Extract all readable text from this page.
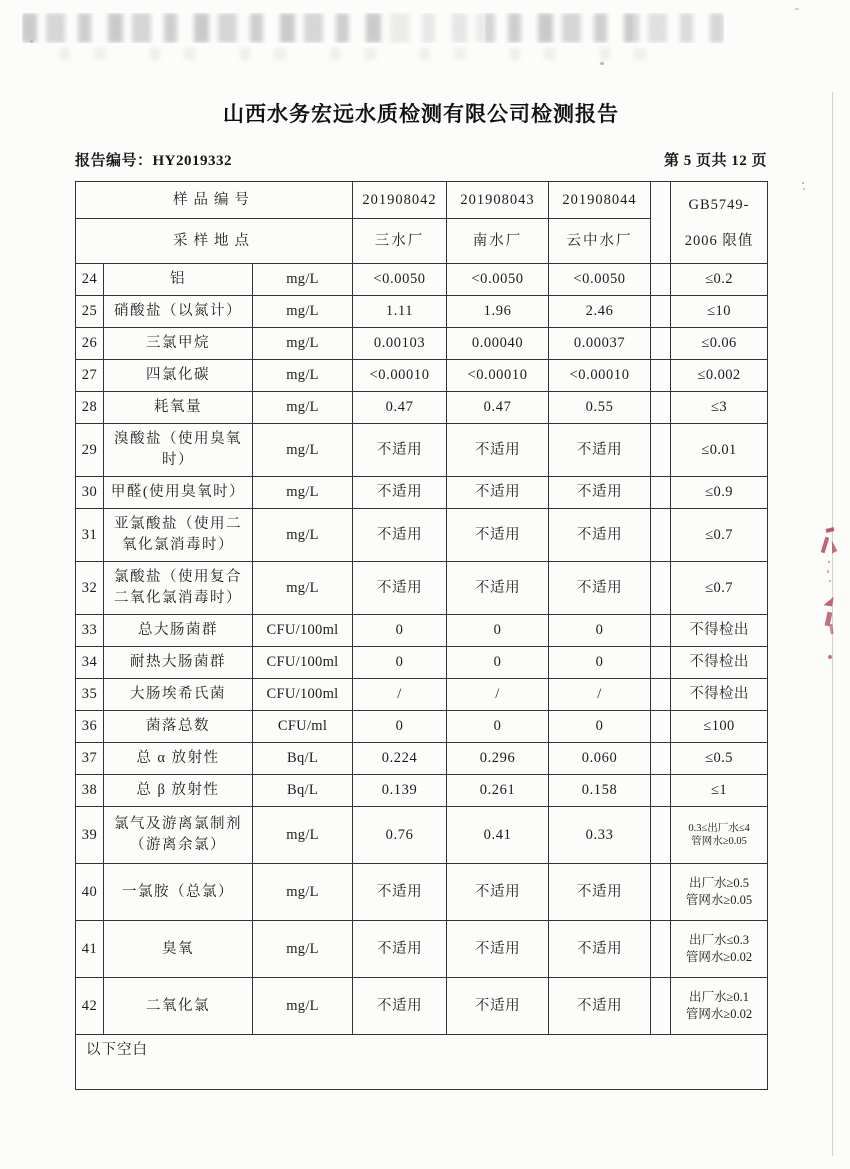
山西水务宏远水质检测有限公司检测报告
报告编号：HY2019332	第 5 页共 12 页
样品编号			201908042	201908043	201908044		GB5749-
2006 限值

采样地点			三水厂	南水厂	云中水厂		
24	铝	mg/L	<0.0050	<0.0050	<0.0050		≤0.2

25	硝酸盐（以氮计）	mg/L	1.11	1.96	2.46		≤10

26	三氯甲烷	mg/L	0.00103	0.00040	0.00037		≤0.06

27	四氯化碳	mg/L	<0.00010	<0.00010	<0.00010		≤0.002

28	耗氧量	mg/L	0.47	0.47	0.55		≤3

29	溴酸盐（使用臭氧时）	mg/L	不适用	不适用	不适用		≤0.01

30	甲醛(使用臭氧时）	mg/L	不适用	不适用	不适用		≤0.9

31	亚氯酸盐（使用二氧化氯消毒时）	mg/L	不适用	不适用	不适用		≤0.7

32	氯酸盐（使用复合二氧化氯消毒时）	mg/L	不适用	不适用	不适用		≤0.7

33	总大肠菌群	CFU/100ml	0	0	0		不得检出

34	耐热大肠菌群	CFU/100ml	0	0	0		不得检出

35	大肠埃希氏菌	CFU/100ml	/	/	/		不得检出

36	菌落总数	CFU/ml	0	0	0		≤100

37	总 α 放射性	Bq/L	0.224	0.296	0.060		≤0.5

38	总 β 放射性	Bq/L	0.139	0.261	0.158		≤1

39	氯气及游离氯制剂（游离余氯）	mg/L	0.76	0.41	0.33		0.3≤出厂水≤4
管网水≥0.05

40	一氯胺（总氯）	mg/L	不适用	不适用	不适用		出厂水≥0.5
管网水≥0.05

41	臭氧	mg/L	不适用	不适用	不适用		出厂水≤0.3
管网水≥0.02

42	二氧化氯	mg/L	不适用	不适用	不适用		出厂水≥0.1
管网水≥0.02

以下空白							
